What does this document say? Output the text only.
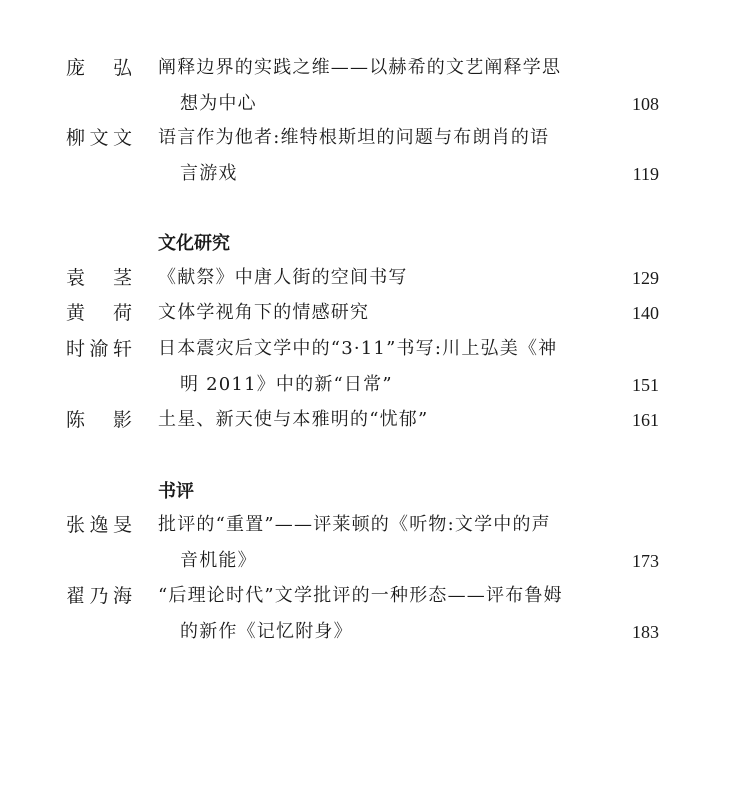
庞　弘 阐释边界的实践之维——以赫希的文艺阐释学思
想为中心	108
柳文文 语言作为他者:维特根斯坦的问题与布朗肖的语
言游戏	119
文化研究
袁　茎 《献祭》中唐人街的空间书写	129
黄　荷 文体学视角下的情感研究	140
时渝轩 日本震灾后文学中的“3·11”书写:川上弘美《神
明 2011》中的新“日常”	151
陈　影 土星、新天使与本雅明的“忧郁”	161
书评
张逸旻 批评的“重置”——评莱顿的《听物:文学中的声
音机能》	173
翟乃海 “后理论时代”文学批评的一种形态——评布鲁姆
的新作《记忆附身》	183
